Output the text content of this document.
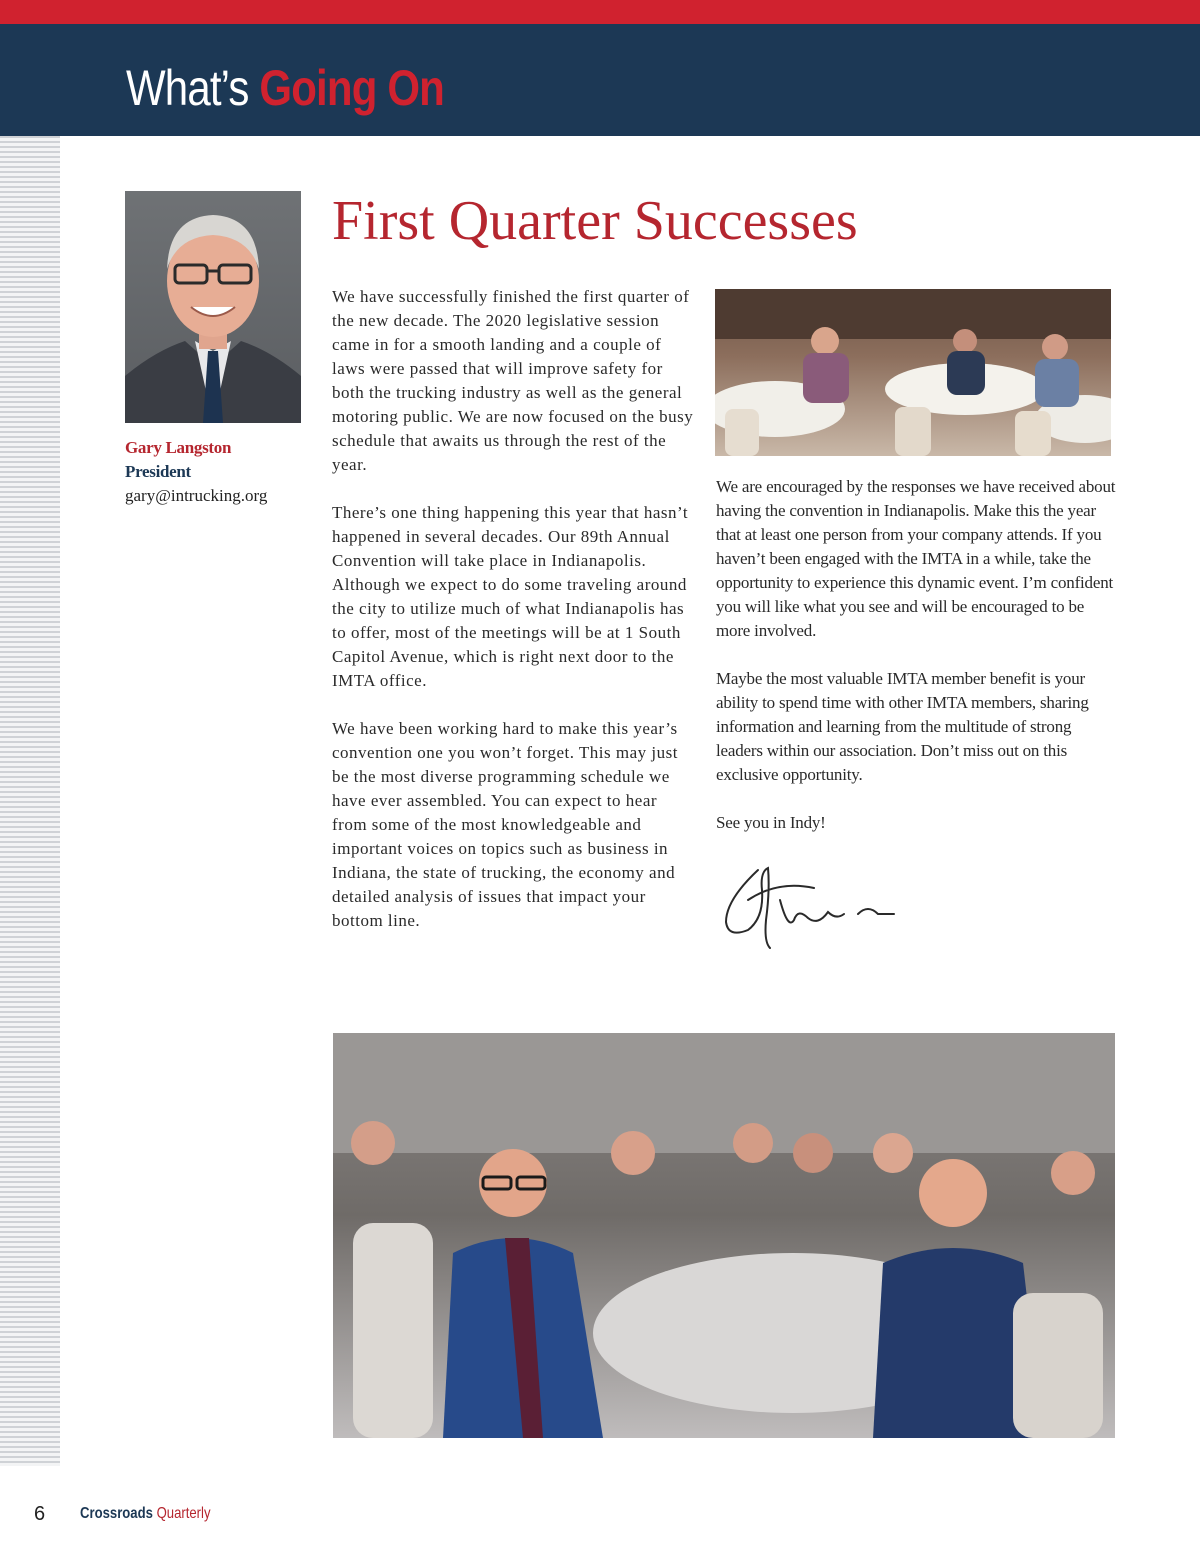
What’s Going On
Gary Langston
President
gary@intrucking.org
First Quarter Successes

We have successfully finished the first quarter of the new decade. The 2020 legislative session came in for a smooth landing and a couple of laws were passed that will improve safety for both the trucking industry as well as the general motoring public. We are now focused on the busy schedule that awaits us through the rest of the year.

There’s one thing happening this year that hasn’t happened in several decades. Our 89th Annual Convention will take place in Indianapolis. Although we expect to do some traveling around the city to utilize much of what Indianapolis has to offer, most of the meetings will be at 1 South Capitol Avenue, which is right next door to the IMTA office.

We have been working hard to make this year’s convention one you won’t forget. This may just be the most diverse programming schedule we have ever assembled. You can expect to hear from some of the most knowledgeable and important voices on topics such as business in Indiana, the state of trucking, the economy and detailed analysis of issues that impact your bottom line.

We are encouraged by the responses we have received about having the convention in Indianapolis. Make this the year that at least one person from your company attends. If you haven’t been engaged with the IMTA in a while, take the opportunity to experience this dynamic event. I’m confident you will like what you see and will be encouraged to be more involved.

Maybe the most valuable IMTA member benefit is your ability to spend time with other IMTA members, sharing information and learning from the multitude of strong leaders within our association. Don’t miss out on this exclusive opportunity.

See you in Indy!

6 Crossroads Quarterly
